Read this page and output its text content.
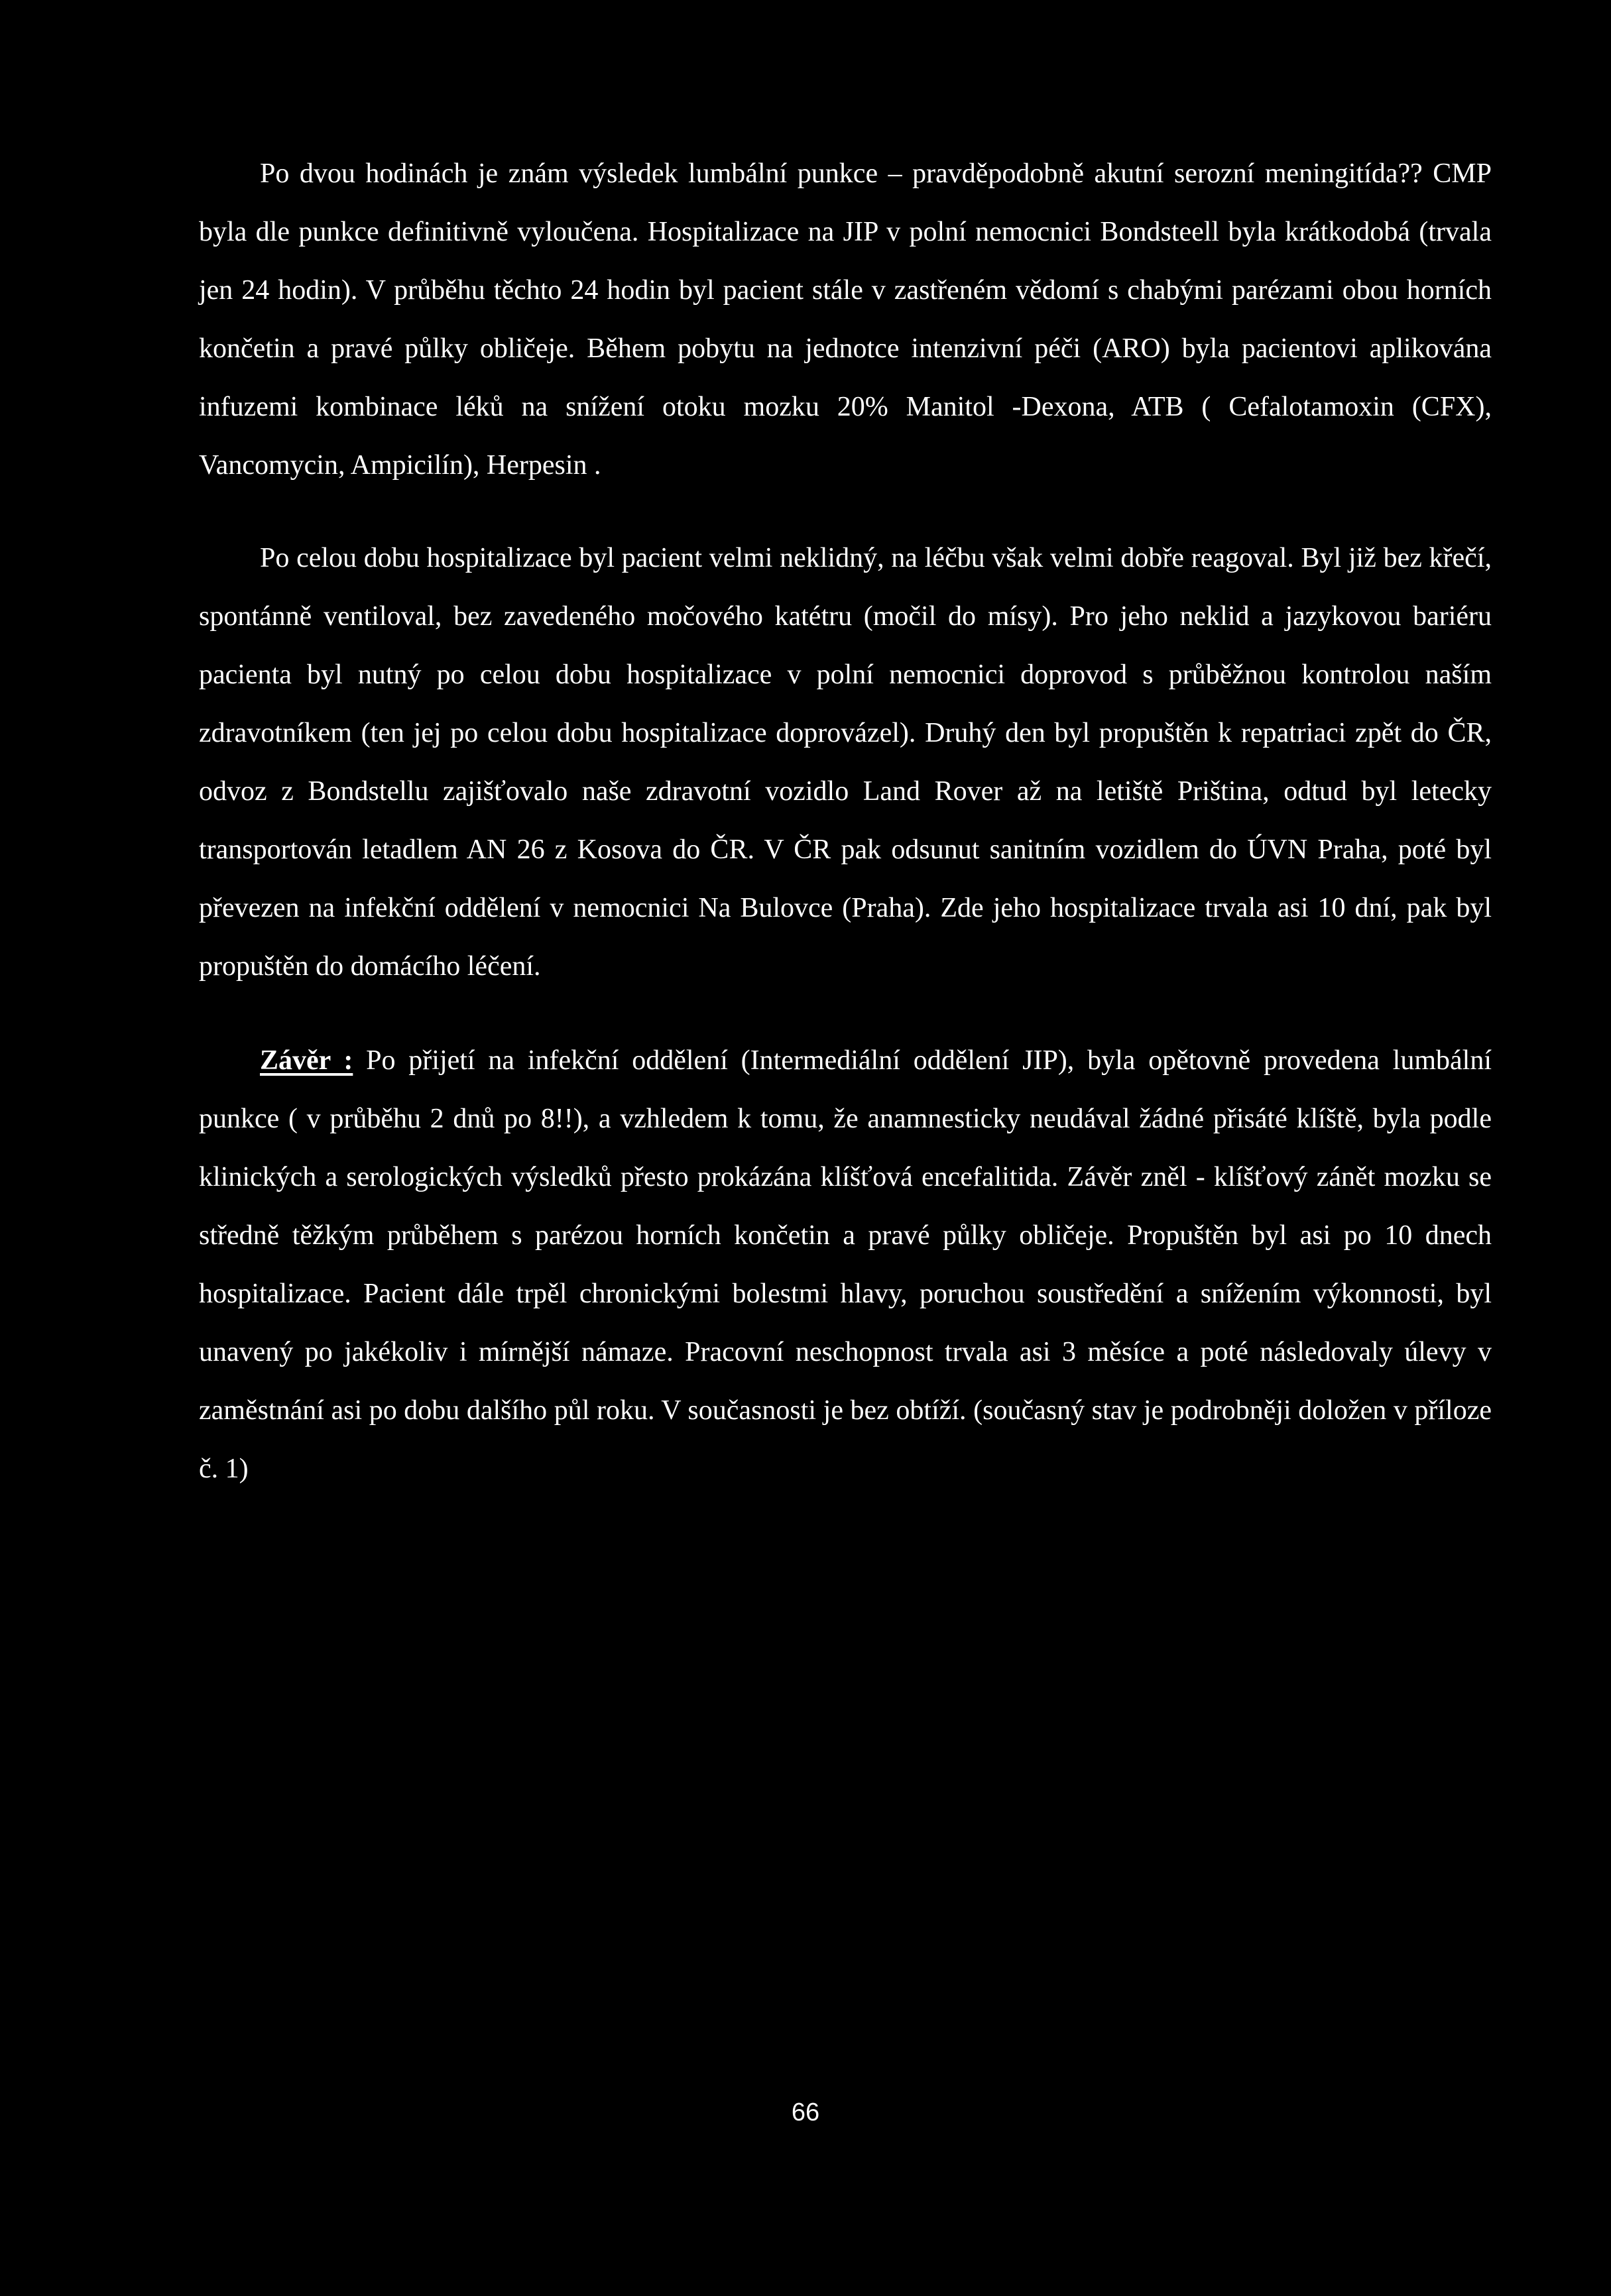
Po dvou hodinách je znám výsledek lumbální punkce – pravděpodobně akutní serozní meningitída?? CMP byla dle punkce definitivně vyloučena. Hospitalizace na JIP v polní nemocnici Bondsteell byla krátkodobá (trvala jen 24 hodin). V průběhu těchto 24 hodin byl pacient stále v zastřeném vědomí s chabými parézami obou horních končetin a pravé půlky obličeje. Během pobytu na jednotce intenzivní péči (ARO) byla pacientovi aplikována infuzemi kombinace léků na snížení otoku mozku 20% Manitol -Dexona, ATB ( Cefalotamoxin (CFX), Vancomycin, Ampicilín), Herpesin .

Po celou dobu hospitalizace byl pacient velmi neklidný, na léčbu však velmi dobře reagoval. Byl již bez křečí, spontánně ventiloval, bez zavedeného močového katétru (močil do mísy). Pro jeho neklid a jazykovou bariéru pacienta byl nutný po celou dobu hospitalizace v polní nemocnici doprovod s průběžnou kontrolou naším zdravotníkem (ten jej po celou dobu hospitalizace doprovázel). Druhý den byl propuštěn k repatriaci zpět do ČR, odvoz z Bondstellu zajišťovalo naše zdravotní vozidlo Land Rover až na letiště Priština, odtud byl letecky transportován letadlem AN 26 z Kosova do ČR. V ČR pak odsunut sanitním vozidlem do ÚVN Praha, poté byl převezen na infekční oddělení v nemocnici Na Bulovce (Praha). Zde jeho hospitalizace trvala asi 10 dní, pak byl propuštěn do domácího léčení.

Závěr : Po přijetí na infekční oddělení (Intermediální oddělení JIP), byla opětovně provedena lumbální punkce ( v průběhu 2 dnů po 8!!), a vzhledem k tomu, že anamnesticky neudával žádné přisáté klíště, byla podle klinických a serologických výsledků přesto prokázána klíšťová encefalitida. Závěr zněl - klíšťový zánět mozku se středně těžkým průběhem s parézou horních končetin a pravé půlky obličeje. Propuštěn byl asi po 10 dnech hospitalizace. Pacient dále trpěl chronickými bolestmi hlavy, poruchou soustředění a snížením výkonnosti, byl unavený po jakékoliv i mírnější námaze. Pracovní neschopnost trvala asi 3 měsíce a poté následovaly úlevy v zaměstnání asi po dobu dalšího půl roku. V současnosti je bez obtíží. (současný stav je podrobněji doložen v příloze č. 1)

66
